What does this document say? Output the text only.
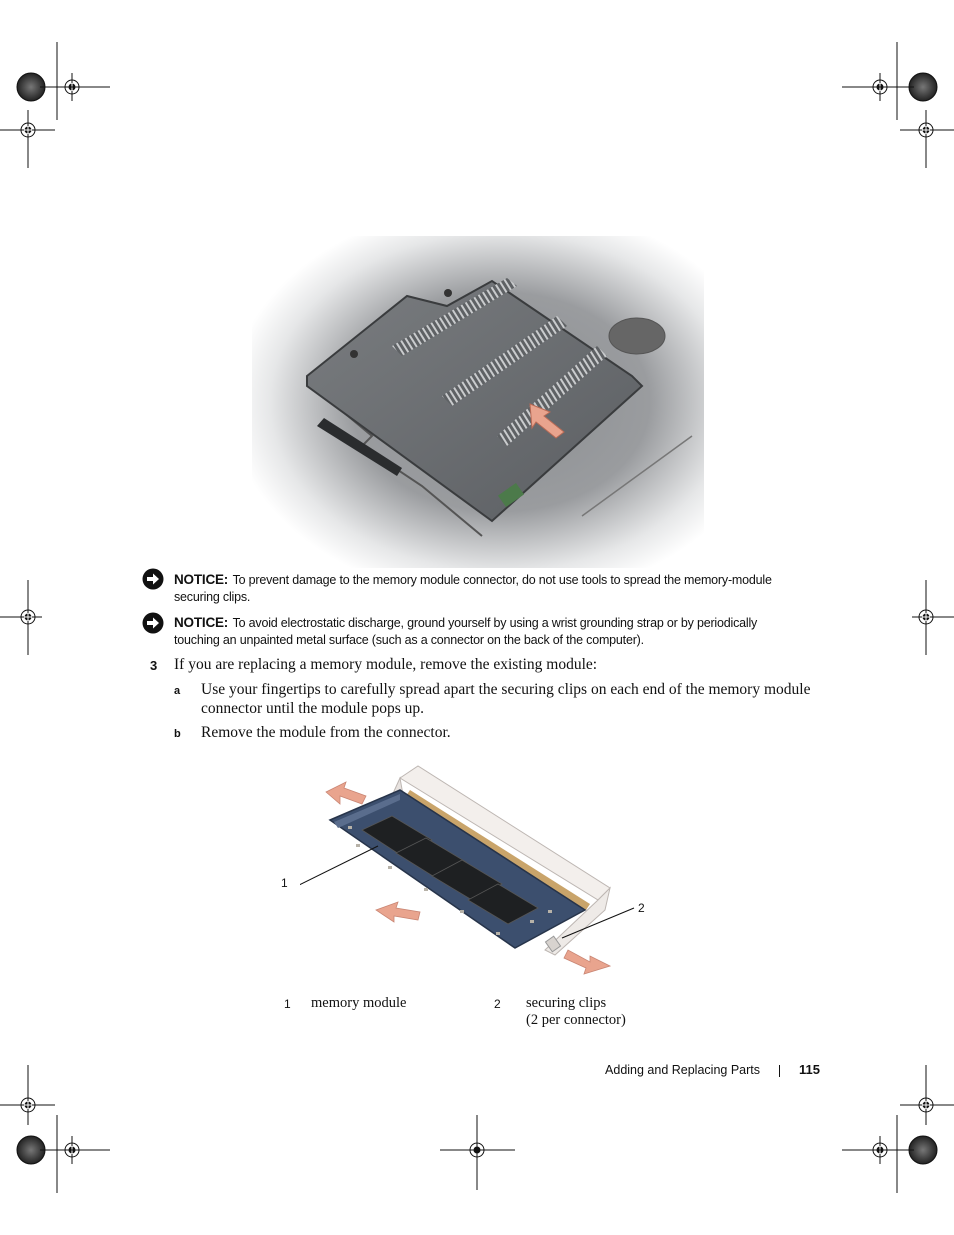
NOTICE: To prevent damage to the memory module connector, do not use tools to spread the memory-module
securing clips.
NOTICE: To avoid electrostatic discharge, ground yourself by using a wrist grounding strap or by periodically
touching an unpainted metal surface (such as a connector on the back of the computer).
3 If you are replacing a memory module, remove the existing module:
a Use your fingertips to carefully spread apart the securing clips on each end of the memory module
connector until the module pops up.
b Remove the module from the connector.
1
2
1 memory module	2 securing clips
(2 per connector)
Adding and Replacing Parts	115
